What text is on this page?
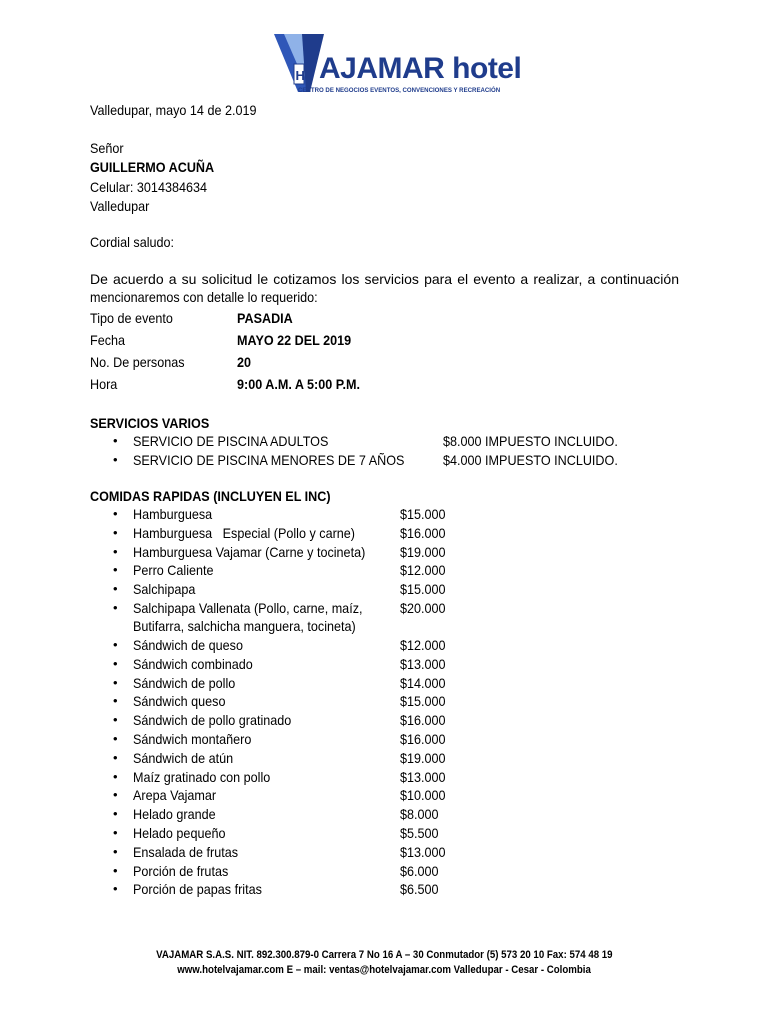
H AJAMAR hotel
CENTRO DE NEGOCIOS EVENTOS, CONVENCIONES Y RECREACIÓN
Valledupar, mayo 14 de 2.019
Señor
GUILLERMO ACUÑA
Celular: 3014384634
Valledupar
Cordial saludo:
De acuerdo a su solicitud le cotizamos los servicios para el evento a realizar, a continuación
mencionaremos con detalle lo requerido:
Tipo de evento	PASADIA
Fecha	MAYO 22 DEL 2019
No. De personas	20
Hora	9:00 A.M. A 5:00 P.M.
SERVICIOS VARIOS
SERVICIO DE PISCINA ADULTOS	$8.000 IMPUESTO INCLUIDO.
SERVICIO DE PISCINA MENORES DE 7 AÑOS	$4.000 IMPUESTO INCLUIDO.
COMIDAS RAPIDAS (INCLUYEN EL INC)
Hamburguesa	$15.000
Hamburguesa   Especial (Pollo y carne)	$16.000
Hamburguesa Vajamar (Carne y tocineta) $19.000
Perro Caliente	$12.000
Salchipapa	$15.000
Salchipapa Vallenata (Pollo, carne, maíz, Butifarra, salchicha manguera, tocineta)
$20.000
Sándwich de queso	$12.000
Sándwich combinado	$13.000
Sándwich de pollo	$14.000
Sándwich queso	$15.000
Sándwich de pollo gratinado	$16.000
Sándwich montañero	$16.000
Sándwich de atún	$19.000
Maíz gratinado con pollo	$13.000
Arepa Vajamar	$10.000
Helado grande	$8.000
Helado pequeño	$5.500
Ensalada de frutas	$13.000
Porción de frutas	$6.000
Porción de papas fritas	$6.500
VAJAMAR S.A.S. NIT. 892.300.879-0 Carrera 7 No 16 A – 30 Conmutador (5) 573 20 10 Fax: 574 48 19
www.hotelvajamar.com E – mail: ventas@hotelvajamar.com Valledupar - Cesar - Colombia
